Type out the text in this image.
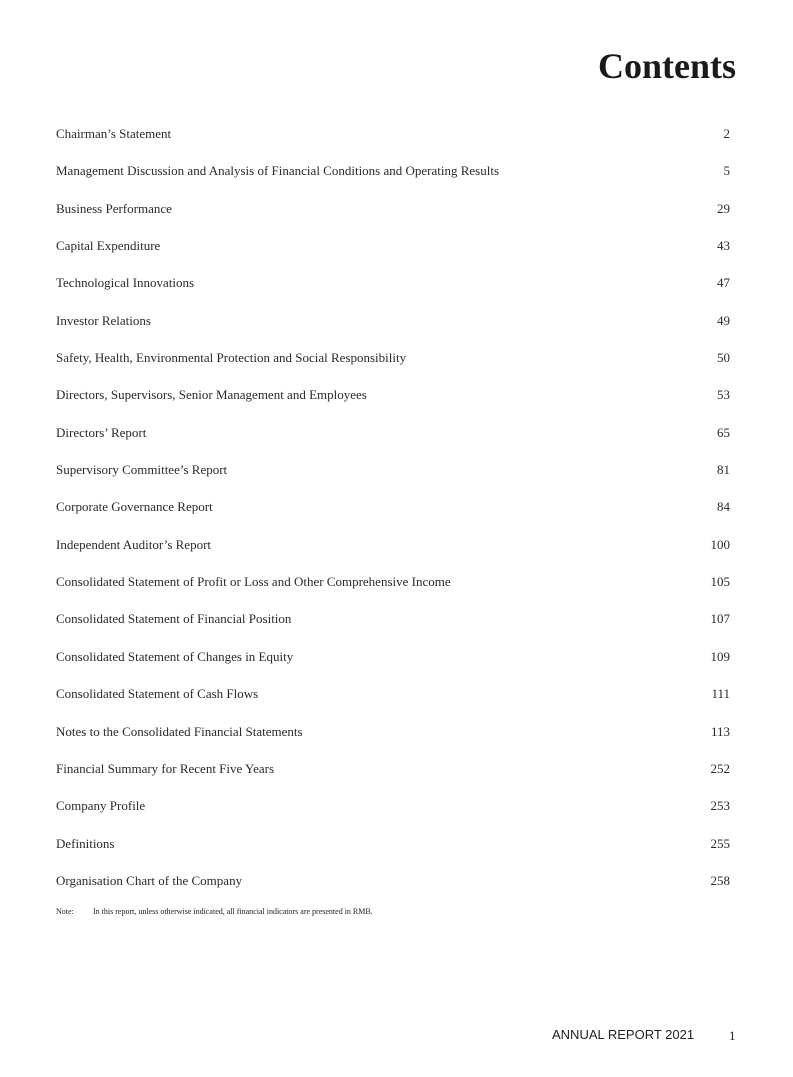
Contents
Chairman’s Statement	2
Management Discussion and Analysis of Financial Conditions and Operating Results	5
Business Performance	29
Capital Expenditure	43
Technological Innovations	47
Investor Relations	49
Safety, Health, Environmental Protection and Social Responsibility	50
Directors, Supervisors, Senior Management and Employees	53
Directors’ Report	65
Supervisory Committee’s Report	81
Corporate Governance Report	84
Independent Auditor’s Report	100
Consolidated Statement of Profit or Loss and Other Comprehensive Income	105
Consolidated Statement of Financial Position	107
Consolidated Statement of Changes in Equity	109
Consolidated Statement of Cash Flows	111
Notes to the Consolidated Financial Statements	113
Financial Summary for Recent Five Years	252
Company Profile	253
Definitions	255
Organisation Chart of the Company	258
Note: In this report, unless otherwise indicated, all financial indicators are presented in RMB.
ANNUAL REPORT 2021	1
